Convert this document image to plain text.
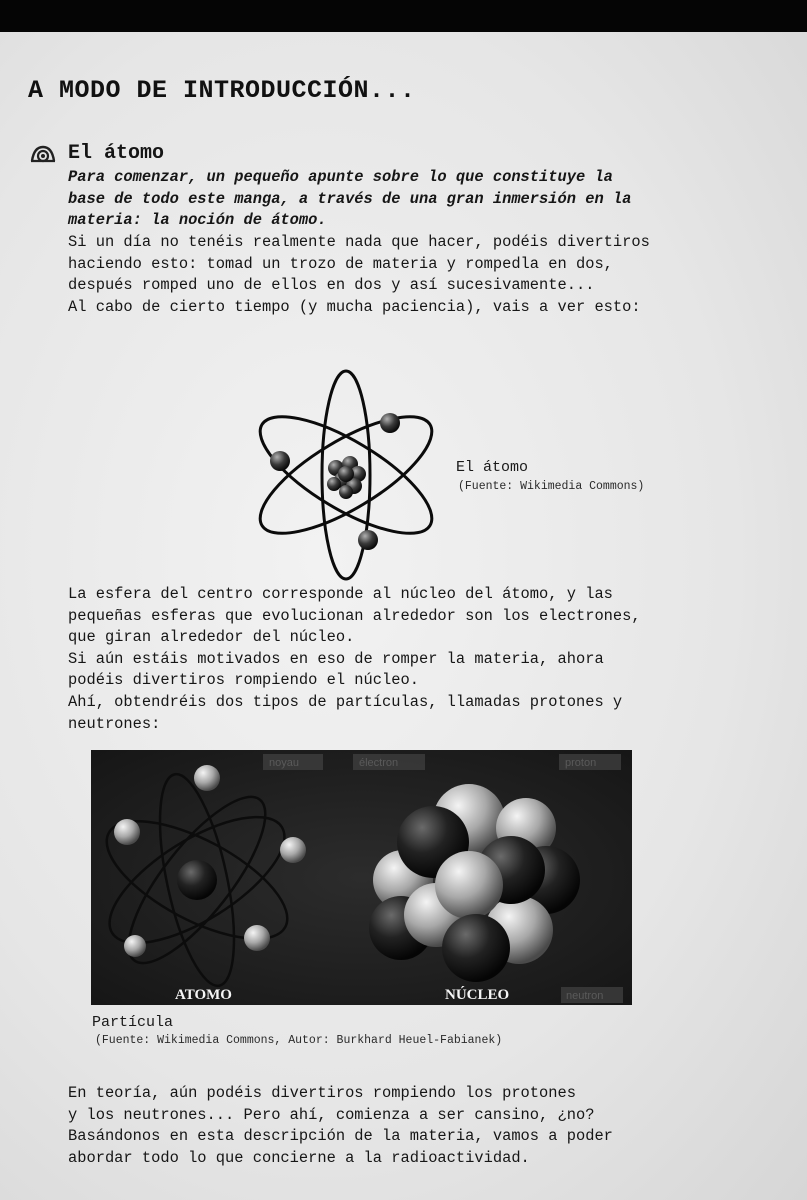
A MODO DE INTRODUCCIÓN...
El átomo

Para comenzar, un pequeño apunte sobre lo que constituye la
base de todo este manga, a través de una gran inmersión en la
materia: la noción de átomo.

Si un día no tenéis realmente nada que hacer, podéis divertiros
haciendo esto: tomad un trozo de materia y rompedla en dos,
después romped uno de ellos en dos y así sucesivamente...
Al cabo de cierto tiempo (y mucha paciencia), vais a ver esto:

El átomo
(Fuente: Wikimedia Commons)

La esfera del centro corresponde al núcleo del átomo, y las
pequeñas esferas que evolucionan alrededor son los electrones,
que giran alrededor del núcleo.
Si aún estáis motivados en eso de romper la materia, ahora
podéis divertiros rompiendo el núcleo.
Ahí, obtendréis dos tipos de partículas, llamadas protones y
neutrones:

noyau	électron	proton
neutron
ATOMO	NÚCLEO
Partícula
(Fuente: Wikimedia Commons, Autor: Burkhard Heuel-Fabianek)

En teoría, aún podéis divertiros rompiendo los protones
y los neutrones... Pero ahí, comienza a ser cansino, ¿no?
Basándonos en esta descripción de la materia, vamos a poder
abordar todo lo que concierne a la radioactividad.
